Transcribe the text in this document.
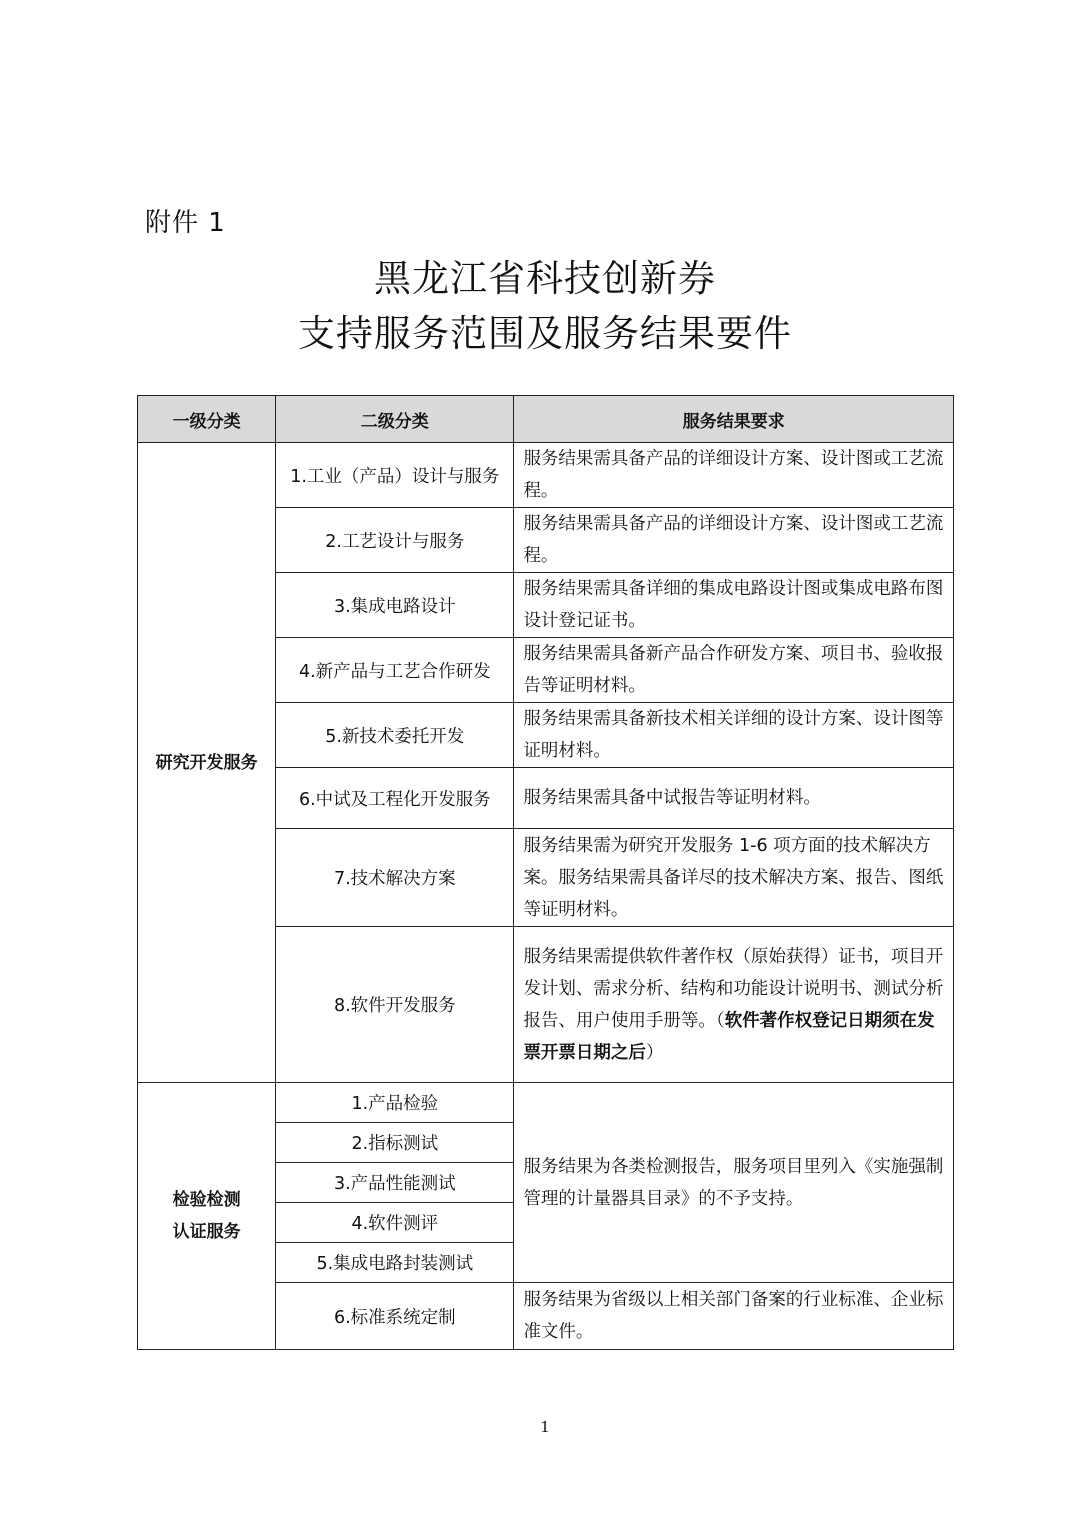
附件 1
黑龙江省科技创新券
支持服务范围及服务结果要件
一级分类	二级分类	服务结果要求
研究开发服务	1.工业（产品）设计与服务	服务结果需具备产品的详细设计方案、设计图或工艺流程。
	2.工艺设计与服务	服务结果需具备产品的详细设计方案、设计图或工艺流程。
	3.集成电路设计	服务结果需具备详细的集成电路设计图或集成电路布图设计登记证书。
	4.新产品与工艺合作研发	服务结果需具备新产品合作研发方案、项目书、验收报告等证明材料。
	5.新技术委托开发	服务结果需具备新技术相关详细的设计方案、设计图等证明材料。
	6.中试及工程化开发服务	服务结果需具备中试报告等证明材料。
	7.技术解决方案	服务结果需为研究开发服务 1-6 项方面的技术解决方案。服务结果需具备详尽的技术解决方案、报告、图纸等证明材料。
	8.软件开发服务	服务结果需提供软件著作权（原始获得）证书，项目开发计划、需求分析、结构和功能设计说明书、测试分析报告、用户使用手册等。（软件著作权登记日期须在发票开票日期之后）

检验检测
认证服务	1.产品检验	服务结果为各类检测报告，服务项目里列入《实施强制管理的计量器具目录》的不予支持。
	2.指标测试	
	3.产品性能测试	
	4.软件测评	
	5.集成电路封装测试	
	6.标准系统定制	服务结果为省级以上相关部门备案的行业标准、企业标准文件。
1
